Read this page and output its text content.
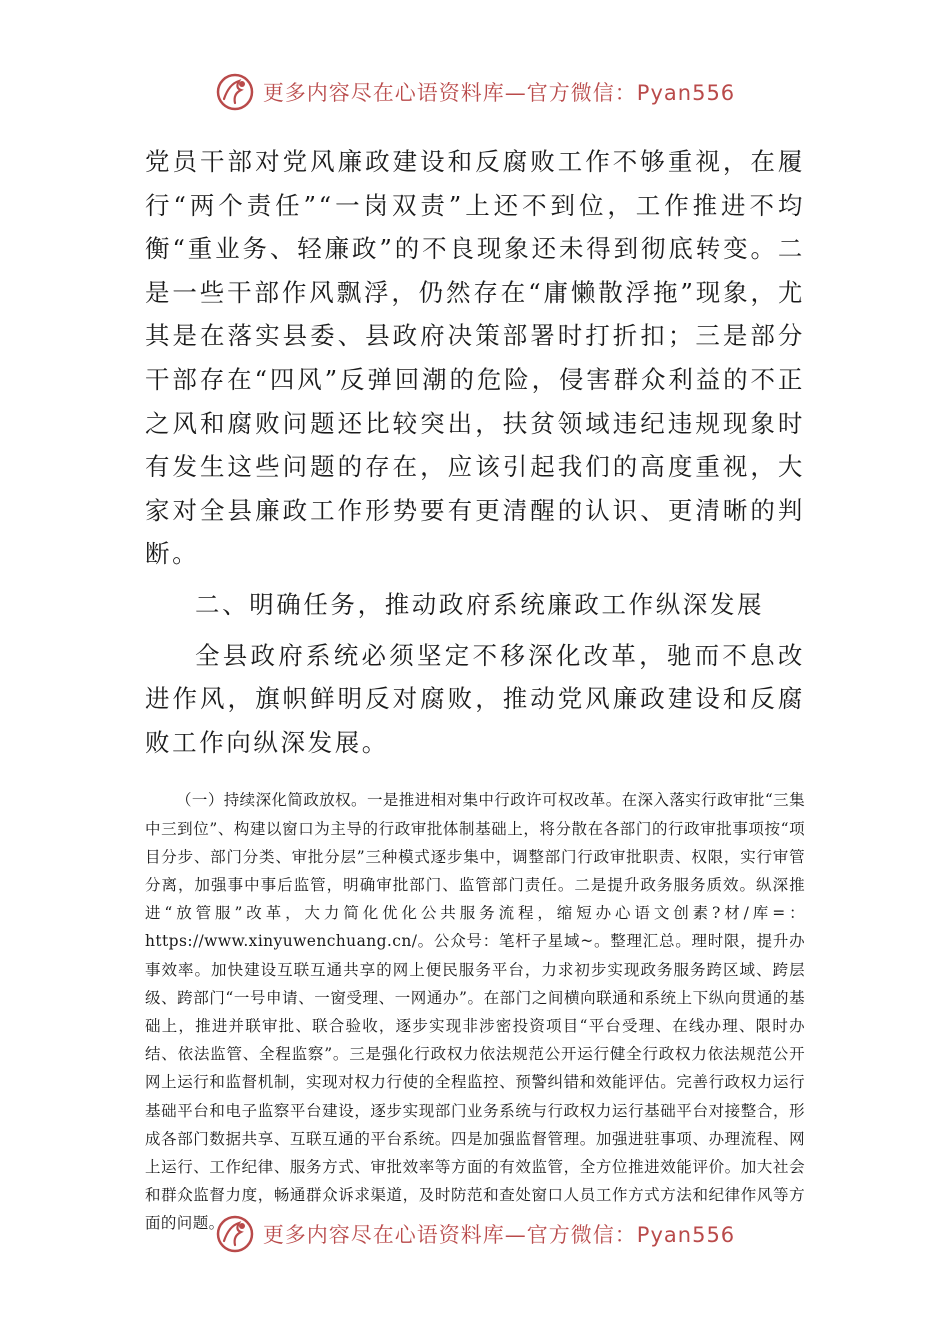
更多内容尽在心语资料库—官方微信：Pyan556

党员干部对党风廉政建设和反腐败工作不够重视，在履行“两个责任”“一岗双责”上还不到位，工作推进不均衡“重业务、轻廉政”的不良现象还未得到彻底转变。二是一些干部作风飘浮，仍然存在“庸懒散浮拖”现象，尤其是在落实县委、县政府决策部署时打折扣；三是部分干部存在“四风”反弹回潮的危险，侵害群众利益的不正之风和腐败问题还比较突出，扶贫领域违纪违规现象时有发生这些问题的存在，应该引起我们的高度重视，大家对全县廉政工作形势要有更清醒的认识、更清晰的判断。

二、明确任务，推动政府系统廉政工作纵深发展

全县政府系统必须坚定不移深化改革，驰而不息改进作风，旗帜鲜明反对腐败，推动党风廉政建设和反腐败工作向纵深发展。

（一）持续深化简政放权。一是推进相对集中行政许可权改革。在深入落实行政审批“三集中三到位”、构建以窗口为主导的行政审批体制基础上，将分散在各部门的行政审批事项按“项目分步、部门分类、审批分层”三种模式逐步集中，调整部门行政审批职责、权限，实行审管分离，加强事中事后监管，明确审批部门、监管部门责任。二是提升政务服务质效。纵深推进“放管服”改革，大力简化优化公共服务流程，缩短办心语文创素?材/库=：https://www.xinyuwenchuang.cn/。公众号：笔杆子星域~。整理汇总。理时限，提升办事效率。加快建设互联互通共享的网上便民服务平台，力求初步实现政务服务跨区域、跨层级、跨部门“一号申请、一窗受理、一网通办”。在部门之间横向联通和系统上下纵向贯通的基础上，推进并联审批、联合验收，逐步实现非涉密投资项目“平台受理、在线办理、限时办结、依法监管、全程监察”。三是强化行政权力依法规范公开运行健全行政权力依法规范公开网上运行和监督机制，实现对权力行使的全程监控、预警纠错和效能评估。完善行政权力运行基础平台和电子监察平台建设，逐步实现部门业务系统与行政权力运行基础平台对接整合，形成各部门数据共享、互联互通的平台系统。四是加强监督管理。加强进驻事项、办理流程、网上运行、工作纪律、服务方式、审批效率等方面的有效监管，全方位推进效能评价。加大社会和群众监督力度，畅通群众诉求渠道，及时防范和查处窗口人员工作方式方法和纪律作风等方面的问题。	更多内容尽在心语资料库—官方微信：Pyan556
